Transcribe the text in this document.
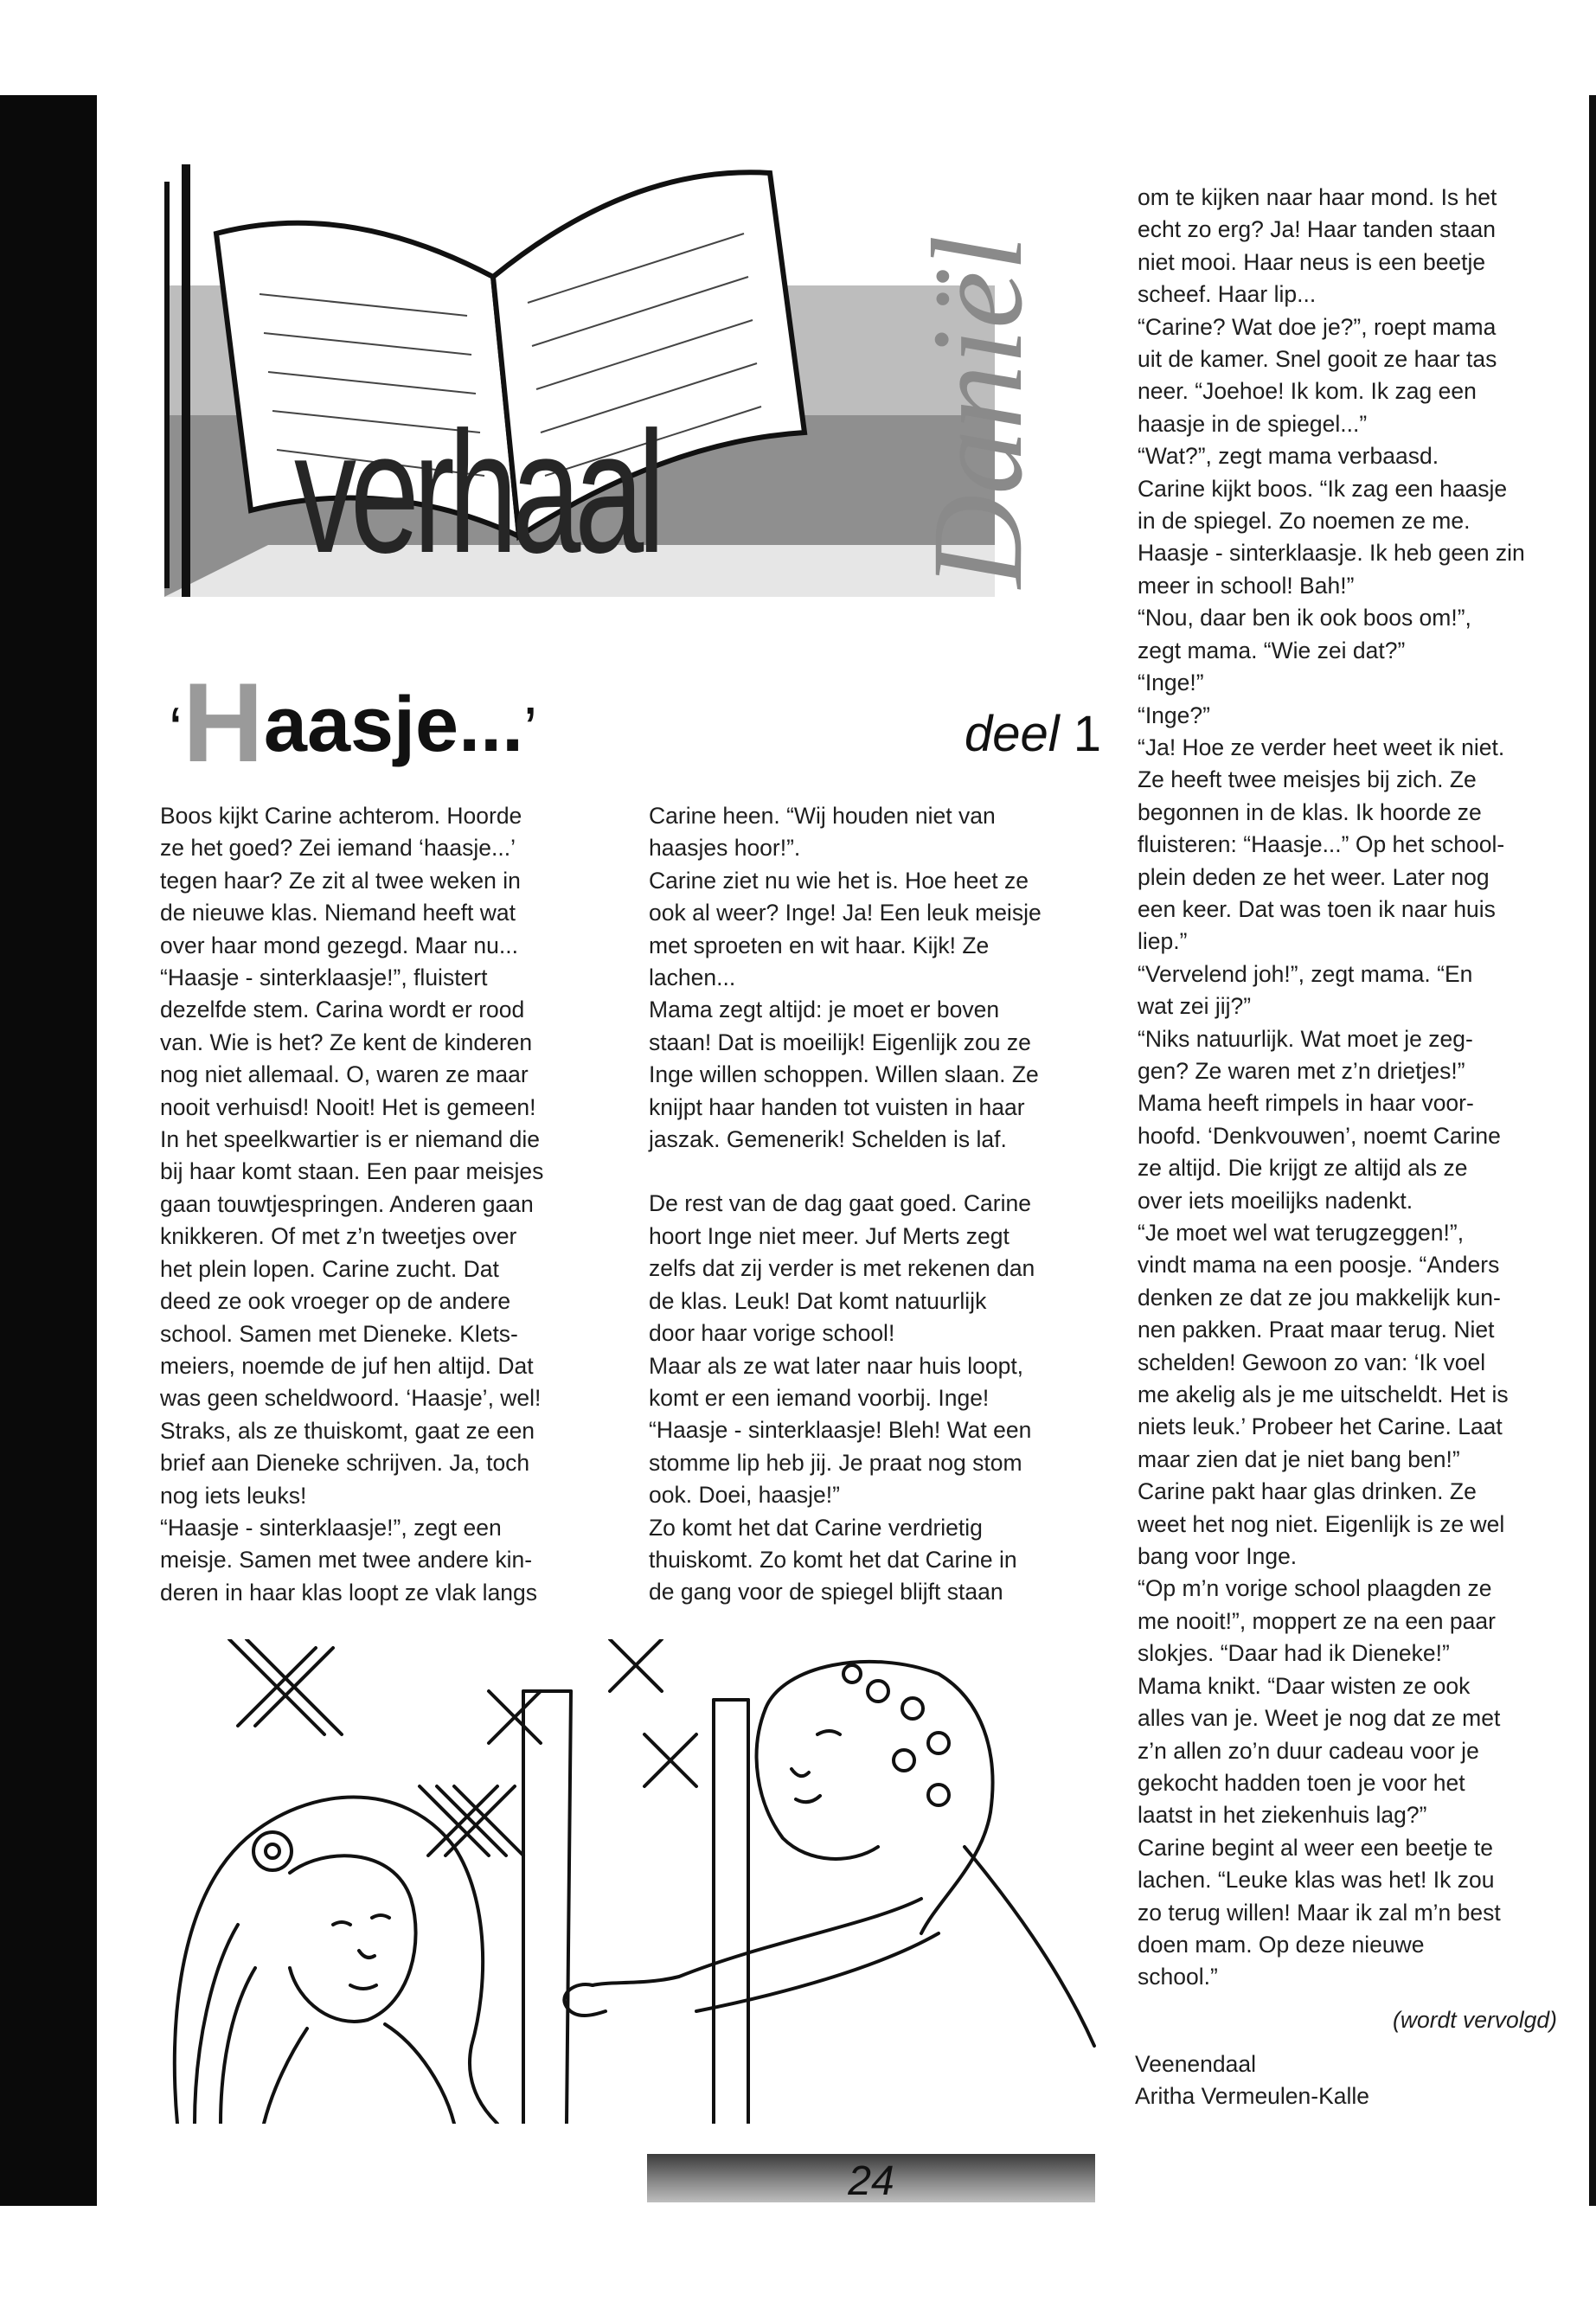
Daniël
verhaal
‘Haasje...’	deel 1

Boos kijkt Carine achterom. Hoorde
ze het goed? Zei iemand ‘haasje...’
tegen haar? Ze zit al twee weken in
de nieuwe klas. Niemand heeft wat
over haar mond gezegd. Maar nu...
“Haasje - sinterklaasje!”, fluistert
dezelfde stem. Carina wordt er rood
van. Wie is het? Ze kent de kinderen
nog niet allemaal. O, waren ze maar
nooit verhuisd! Nooit! Het is gemeen!
In het speelkwartier is er niemand die
bij haar komt staan. Een paar meisjes
gaan touwtjespringen. Anderen gaan
knikkeren. Of met z’n tweetjes over
het plein lopen. Carine zucht. Dat
deed ze ook vroeger op de andere
school. Samen met Dieneke. Klets-
meiers, noemde de juf hen altijd. Dat
was geen scheldwoord. ‘Haasje’, wel!
Straks, als ze thuiskomt, gaat ze een
brief aan Dieneke schrijven. Ja, toch
nog iets leuks!
“Haasje - sinterklaasje!”, zegt een
meisje. Samen met twee andere kin-
deren in haar klas loopt ze vlak langs

Carine heen. “Wij houden niet van
haasjes hoor!”.
Carine ziet nu wie het is. Hoe heet ze
ook al weer? Inge! Ja! Een leuk meisje
met sproeten en wit haar. Kijk! Ze
lachen...
Mama zegt altijd: je moet er boven
staan! Dat is moeilijk! Eigenlijk zou ze
Inge willen schoppen. Willen slaan. Ze
knijpt haar handen tot vuisten in haar
jaszak. Gemenerik! Schelden is laf.

De rest van de dag gaat goed. Carine
hoort Inge niet meer. Juf Merts zegt
zelfs dat zij verder is met rekenen dan
de klas. Leuk! Dat komt natuurlijk
door haar vorige school!
Maar als ze wat later naar huis loopt,
komt er een iemand voorbij. Inge!
“Haasje - sinterklaasje! Bleh! Wat een
stomme lip heb jij. Je praat nog stom
ook. Doei, haasje!”
Zo komt het dat Carine verdrietig
thuiskomt. Zo komt het dat Carine in
de gang voor de spiegel blijft staan

om te kijken naar haar mond. Is het
echt zo erg? Ja! Haar tanden staan
niet mooi. Haar neus is een beetje
scheef. Haar lip...
“Carine? Wat doe je?”, roept mama
uit de kamer. Snel gooit ze haar tas
neer. “Joehoe! Ik kom. Ik zag een
haasje in de spiegel...”
“Wat?”, zegt mama verbaasd.
Carine kijkt boos. “Ik zag een haasje
in de spiegel. Zo noemen ze me.
Haasje - sinterklaasje. Ik heb geen zin
meer in school! Bah!”
“Nou, daar ben ik ook boos om!”,
zegt mama. “Wie zei dat?”
“Inge!”
“Inge?”
“Ja! Hoe ze verder heet weet ik niet.
Ze heeft twee meisjes bij zich. Ze
begonnen in de klas. Ik hoorde ze
fluisteren: “Haasje...” Op het school-
plein deden ze het weer. Later nog
een keer. Dat was toen ik naar huis
liep.”
“Vervelend joh!”, zegt mama. “En
wat zei jij?”
“Niks natuurlijk. Wat moet je zeg-
gen? Ze waren met z’n drietjes!”
Mama heeft rimpels in haar voor-
hoofd. ‘Denkvouwen’, noemt Carine
ze altijd. Die krijgt ze altijd als ze
over iets moeilijks nadenkt.
“Je moet wel wat terugzeggen!”,
vindt mama na een poosje. “Anders
denken ze dat ze jou makkelijk kun-
nen pakken. Praat maar terug. Niet
schelden! Gewoon zo van: ‘Ik voel
me akelig als je me uitscheldt. Het is
niets leuk.’ Probeer het Carine. Laat
maar zien dat je niet bang ben!”
Carine pakt haar glas drinken. Ze
weet het nog niet. Eigenlijk is ze wel
bang voor Inge.
“Op m’n vorige school plaagden ze
me nooit!”, moppert ze na een paar
slokjes. “Daar had ik Dieneke!”
Mama knikt. “Daar wisten ze ook
alles van je. Weet je nog dat ze met
z’n allen zo’n duur cadeau voor je
gekocht hadden toen je voor het
laatst in het ziekenhuis lag?”
Carine begint al weer een beetje te
lachen. “Leuke klas was het! Ik zou
zo terug willen! Maar ik zal m’n best
doen mam. Op deze nieuwe
school.”

(wordt vervolgd)
Veenendaal
Aritha Vermeulen-Kalle
24
